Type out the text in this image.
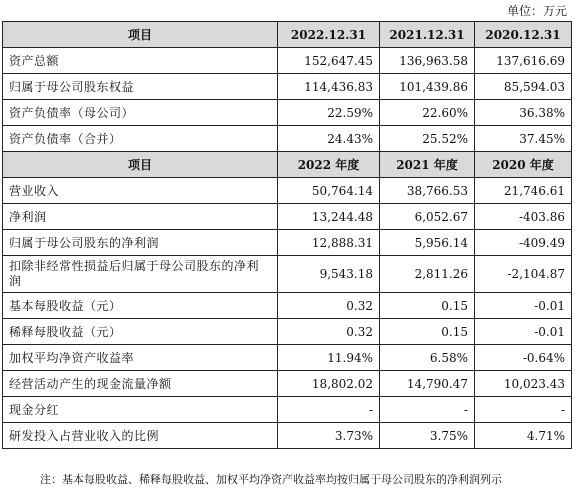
单位：万元
项目	2022.12.31	2021.12.31	2020.12.31
资产总额	152,647.45	136,963.58	137,616.69
归属于母公司股东权益	114,436.83	101,439.86	85,594.03
资产负债率（母公司）	22.59%	22.60%	36.38%
资产负债率（合并）	24.43%	25.52%	37.45%
项目	2022 年度	2021 年度	2020 年度
营业收入	50,764.14	38,766.53	21,746.61
净利润	13,244.48	6,052.67	-403.86
归属于母公司股东的净利润	12,888.31	5,956.14	-409.49
扣除非经常性损益后归属于母公司股东的净利润	9,543.18	2,811.26	-2,104.87
基本每股收益（元）	0.32	0.15	-0.01
稀释每股收益（元）	0.32	0.15	-0.01
加权平均净资产收益率	11.94%	6.58%	-0.64%
经营活动产生的现金流量净额	18,802.02	14,790.47	10,023.43
现金分红	-	-	-
研发投入占营业收入的比例	3.73%	3.75%	4.71%
注：基本每股收益、稀释每股收益、加权平均净资产收益率均按归属于母公司股东的净利润列示
